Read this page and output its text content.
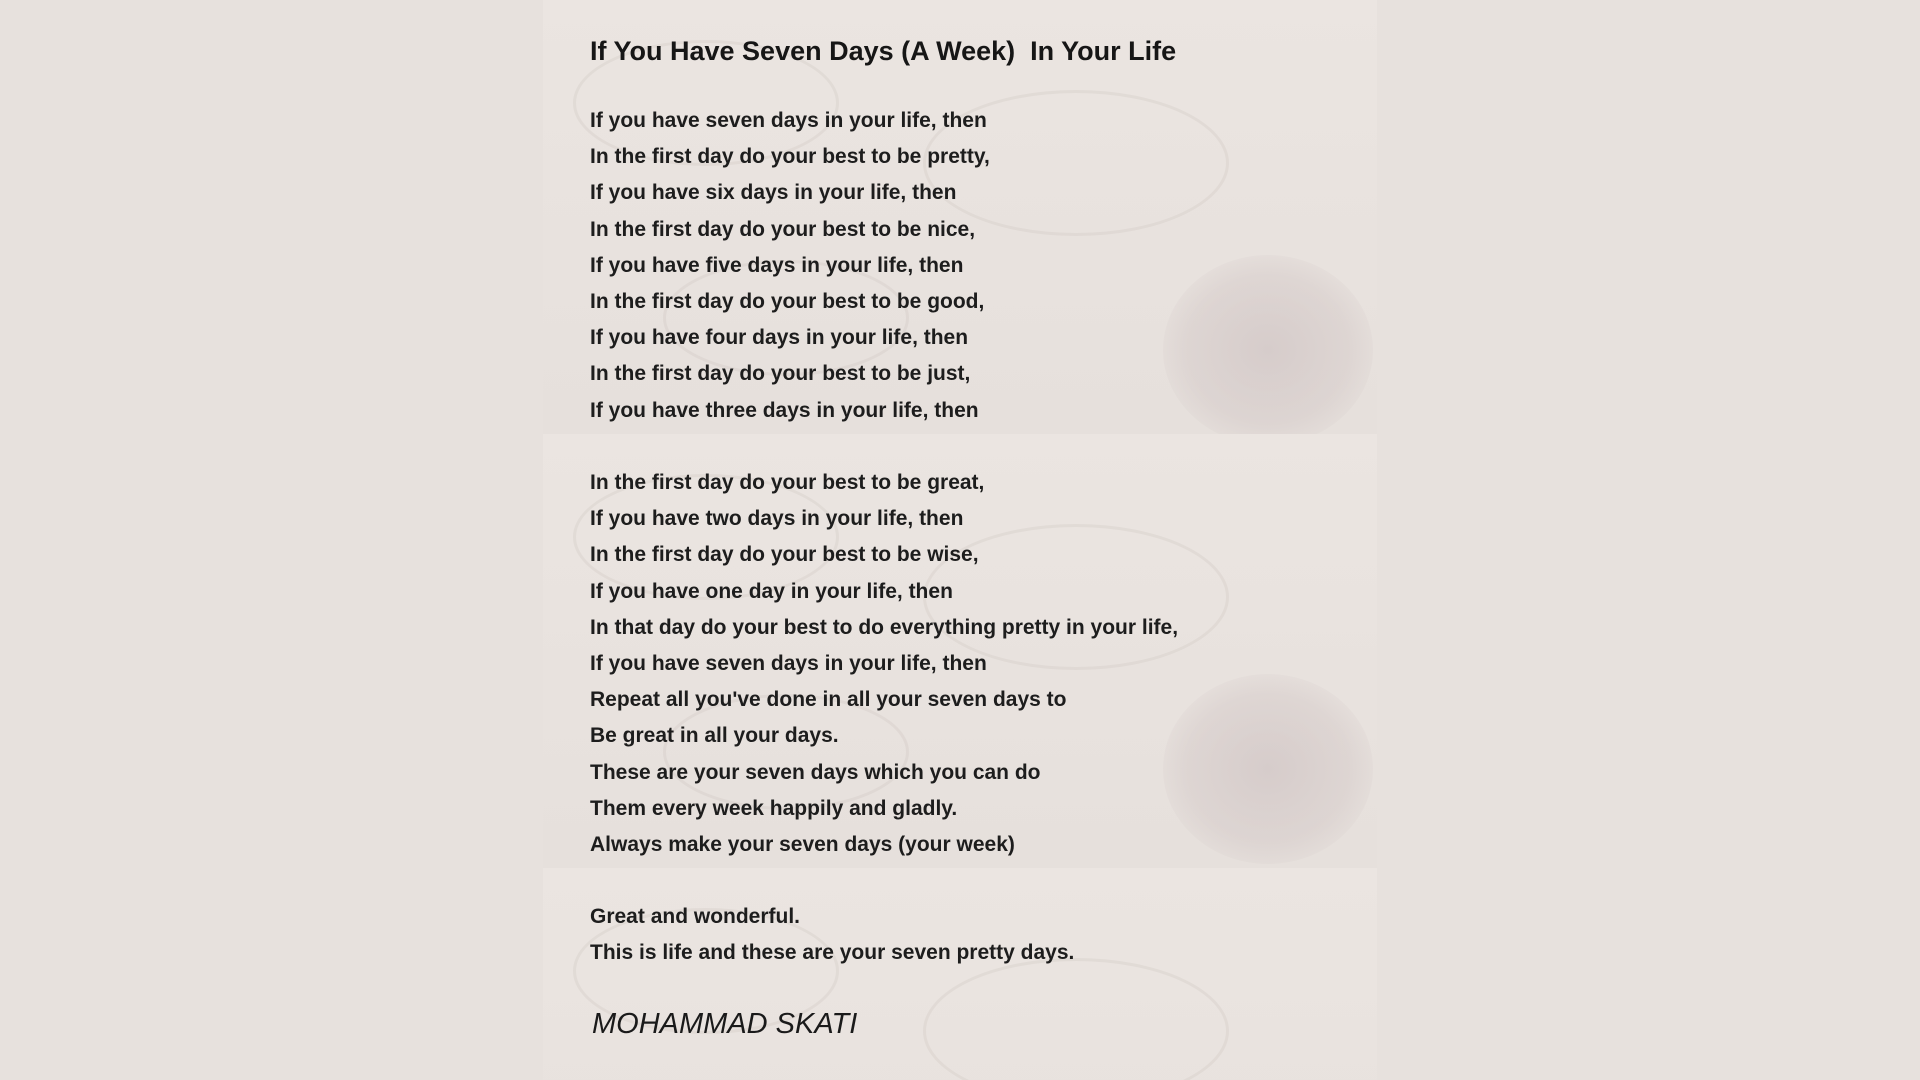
If You Have Seven Days (A Week)  In Your Life
If you have seven days in your life, then
In the first day do your best to be pretty,
If you have six days in your life, then
In the first day do your best to be nice,
If you have five days in your life, then
In the first day do your best to be good,
If you have four days in your life, then
In the first day do your best to be just,
If you have three days in your life, then
In the first day do your best to be great,
If you have two days in your life, then
In the first day do your best to be wise,
If you have one day in your life, then
In that day do your best to do everything pretty in your life,
If you have seven days in your life, then
Repeat all you've done in all your seven days to
Be great in all your days.
These are your seven days which you can do
Them every week happily and gladly.
Always make your seven days (your week)
Great and wonderful.
This is life and these are your seven pretty days.
MOHAMMAD SKATI
